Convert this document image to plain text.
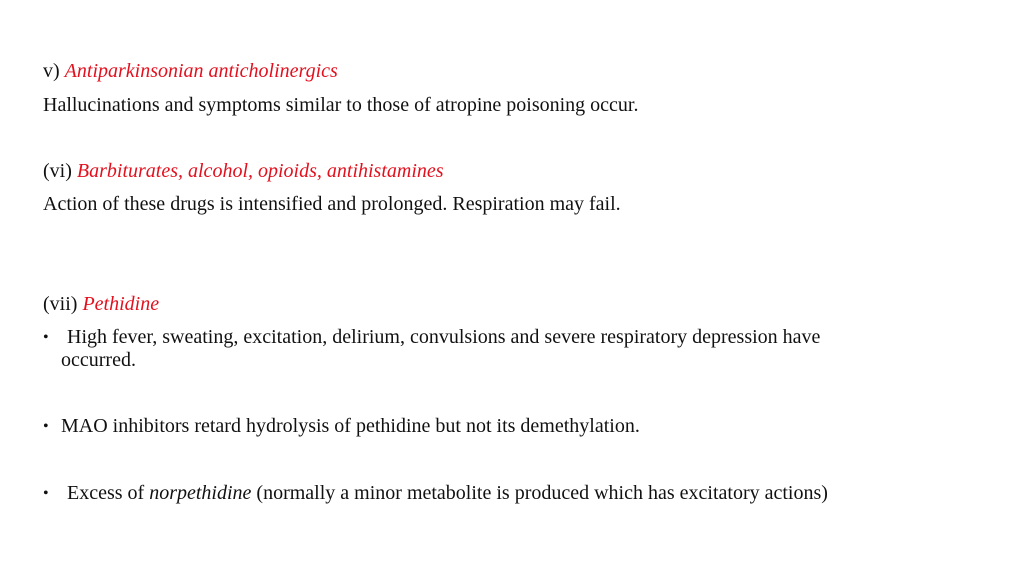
v) Antiparkinsonian anticholinergics
Hallucinations and symptoms similar to those of atropine poisoning occur.
(vi) Barbiturates, alcohol, opioids, antihistamines
Action of these drugs is intensified and prolonged. Respiration may fail.
(vii) Pethidine
• High fever, sweating, excitation, delirium, convulsions and severe respiratory depression have
occurred.
• MAO inhibitors retard hydrolysis of pethidine but not its demethylation.
• Excess of norpethidine (normally a minor metabolite is produced which has excitatory actions)
